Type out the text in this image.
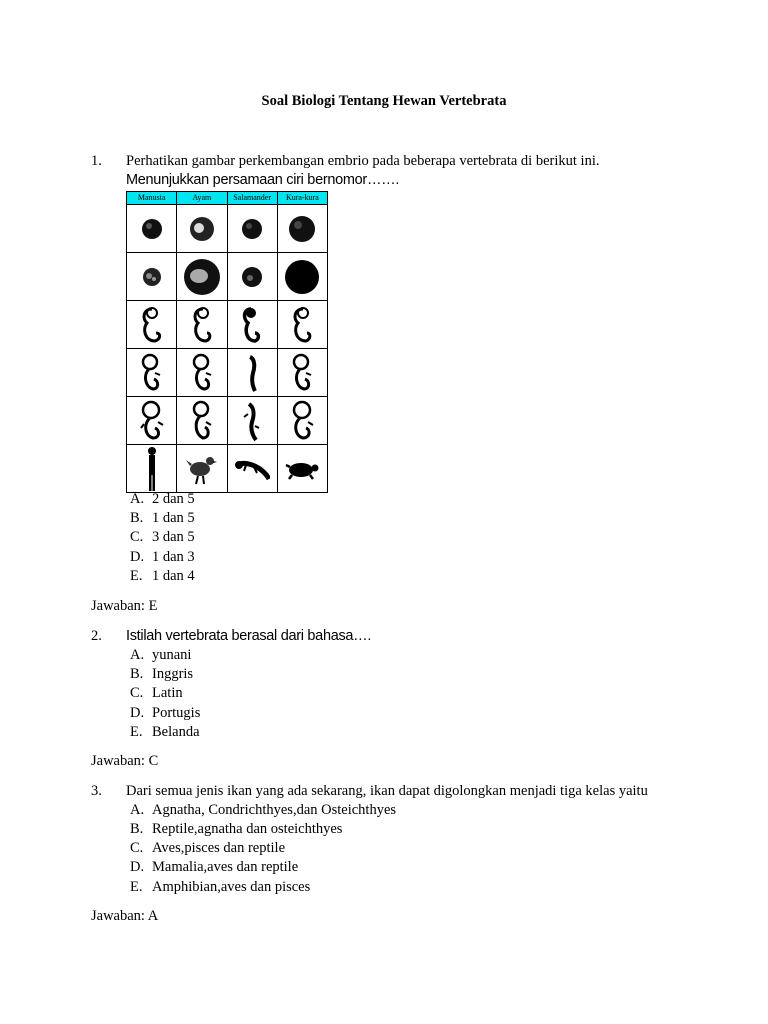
Soal Biologi Tentang Hewan Vertebrata
1.	Perhatikan gambar perkembangan embrio pada beberapa vertebrata di berikut ini.
Menunjukkan persamaan ciri bernomor…….
Manusia	Ayam	Salamander	Kura-kura

A. 2 dan 5
B. 1 dan 5
C. 3 dan 5
D. 1 dan 3
E. 1 dan 4
Jawaban: E
2.	Istilah vertebrata berasal dari bahasa….
A. yunani
B. Inggris
C. Latin
D. Portugis
E. Belanda
Jawaban: C
3.	Dari semua jenis ikan yang ada sekarang, ikan dapat digolongkan menjadi tiga kelas yaitu
A. Agnatha, Condrichthyes,dan Osteichthyes
B. Reptile,agnatha dan osteichthyes
C. Aves,pisces dan reptile
D. Mamalia,aves dan reptile
E. Amphibian,aves dan pisces
Jawaban: A
